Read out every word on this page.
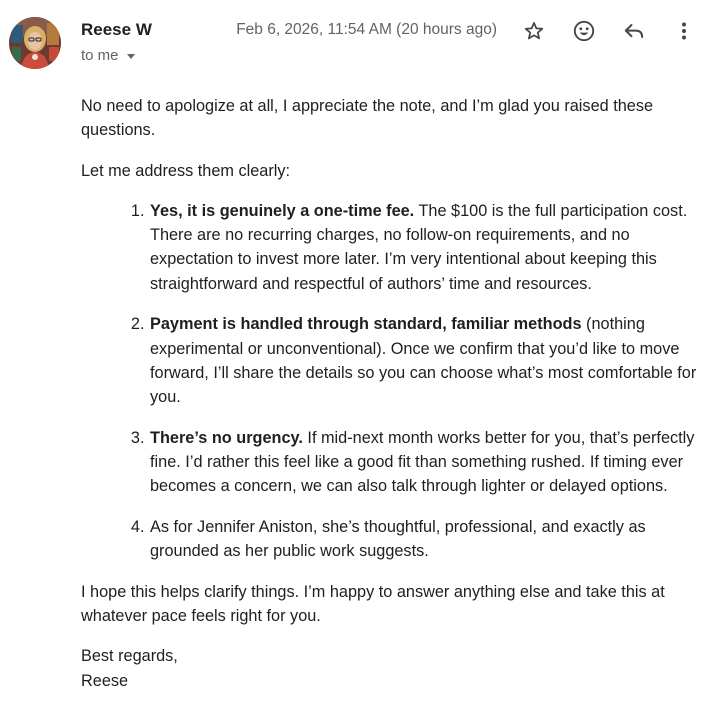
Reese W
to me
Feb 6, 2026, 11:54 AM (20 hours ago)

No need to apologize at all, I appreciate the note, and I’m glad you raised these questions.

Let me address them clearly:

1. Yes, it is genuinely a one-time fee. The $100 is the full participation cost. There are no recurring charges, no follow-on requirements, and no expectation to invest more later. I’m very intentional about keeping this straightforward and respectful of authors’ time and resources.
2. Payment is handled through standard, familiar methods (nothing experimental or unconventional). Once we confirm that you’d like to move forward, I’ll share the details so you can choose what’s most comfortable for you.
3. There’s no urgency. If mid-next month works better for you, that’s perfectly fine. I’d rather this feel like a good fit than something rushed. If timing ever becomes a concern, we can also talk through lighter or delayed options.
4. As for Jennifer Aniston, she’s thoughtful, professional, and exactly as grounded as her public work suggests.

I hope this helps clarify things. I’m happy to answer anything else and take this at whatever pace feels right for you.

Best regards,
Reese
